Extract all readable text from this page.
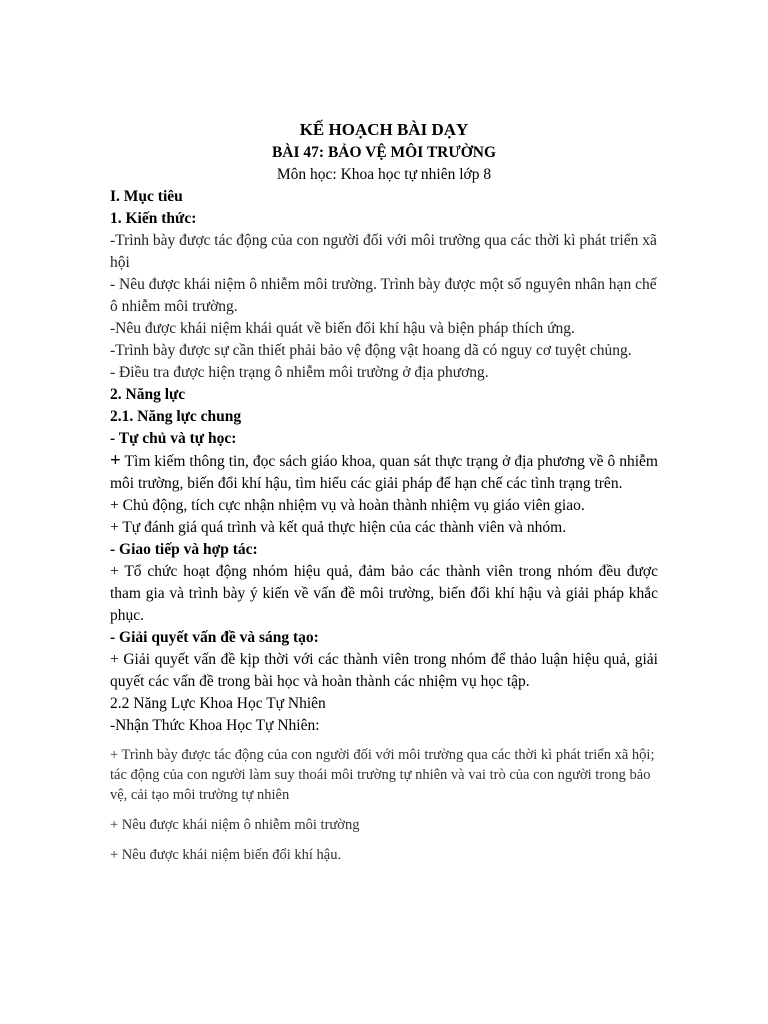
KẾ HOẠCH BÀI DẠY

BÀI 47: BẢO VỆ MÔI TRƯỜNG

Môn học: Khoa học tự nhiên lớp 8

I. Mục tiêu

1. Kiến thức:

-Trình bày được tác động của con người đối với môi trường qua các thời kì phát triển xã hội

- Nêu được khái niệm ô nhiễm môi trường. Trình bày được một số nguyên nhân hạn chế ô nhiễm môi trường.

-Nêu được khái niệm khái quát về biến đổi khí hậu và biện pháp thích ứng.

-Trình bày được sự cần thiết phải bảo vệ động vật hoang dã có nguy cơ tuyệt chủng.

- Điều tra được hiện trạng ô nhiễm môi trường ở địa phương.

2. Năng lực

2.1. Năng lực chung

- Tự chủ và tự học:

+ Tìm kiếm thông tin, đọc sách giáo khoa, quan sát thực trạng ở địa phương về ô nhiễm môi trường, biến đổi khí hậu, tìm hiểu các giải pháp để hạn chế các tình trạng trên.

+ Chủ động, tích cực nhận nhiệm vụ và hoàn thành nhiệm vụ giáo viên giao.

+ Tự đánh giá quá trình và kết quả thực hiện của các thành viên và nhóm.

- Giao tiếp và hợp tác:

+ Tổ chức hoạt động nhóm hiệu quả, đảm bảo các thành viên trong nhóm đều được tham gia và trình bày ý kiến về vấn đề môi trường, biến đổi khí hậu và giải pháp khắc phục.

- Giải quyết vấn đề và sáng tạo:

+ Giải quyết vấn đề kịp thời với các thành viên trong nhóm để thảo luận hiệu quả, giải quyết các vấn đề trong bài học và hoàn thành các nhiệm vụ học tập.

2.2 Năng Lực Khoa Học Tự Nhiên

-Nhận Thức Khoa Học Tự Nhiên:

+ Trình bày được tác động của con người đối với môi trường qua các thời kì phát triển xã hội; tác động của con người làm suy thoái môi trường tự nhiên và vai trò của con người trong bảo vệ, cải tạo môi trường tự nhiên

+ Nêu được khái niệm ô nhiễm môi trường

+ Nêu được khái niệm biến đổi khí hậu.
